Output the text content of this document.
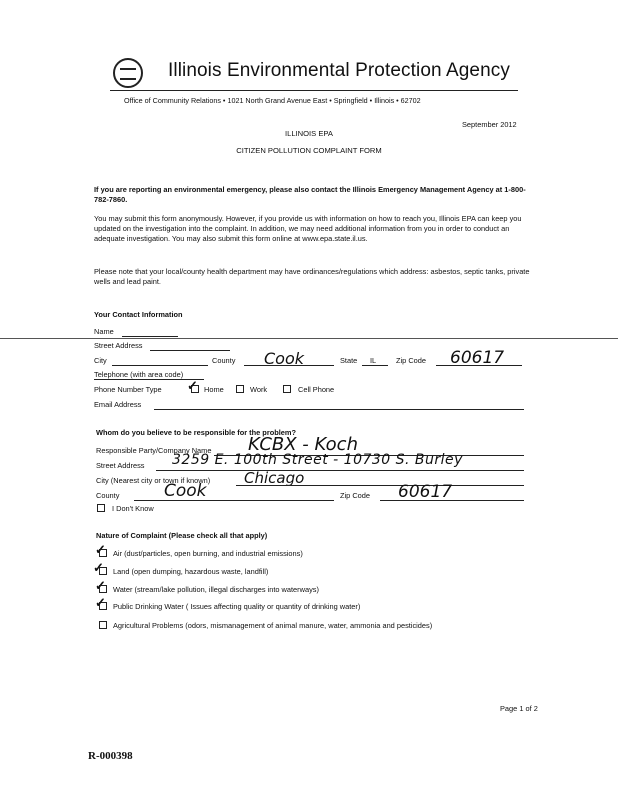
Illinois Environmental Protection Agency
Office of Community Relations • 1021 North Grand Avenue East • Springfield • Illinois • 62702
September 2012
ILLINOIS EPA
CITIZEN POLLUTION COMPLAINT FORM
If you are reporting an environmental emergency, please also contact the Illinois Emergency Management Agency at 1-800-782-7860.
You may submit this form anonymously. However, if you provide us with information on how to reach you, Illinois EPA can keep you updated on the investigation into the complaint. In addition, we may need additional information from you in order to conduct an adequate investigation. You may also submit this form online at www.epa.state.il.us.
Please note that your local/county health department may have ordinances/regulations which address: asbestos, septic tanks, private wells and lead paint.
Your Contact Information
Name
Street Address
City	County Cook	State IL	Zip Code 60617
Telephone (with area code)
Phone Number Type ✓ Home	Work	Cell Phone
Email Address
Whom do you believe to be responsible for the problem?
Responsible Party/Company Name KCBX - Koch
Street Address 3259 E. 100th Street - 10730 S. Burley
City (Nearest city or town if known) Chicago
County	Cook	Zip Code 60617
I Don't Know
Nature of Complaint (Please check all that apply)
✓ Air (dust/particles, open burning, and industrial emissions)
✓ Land (open dumping, hazardous waste, landfill)
✓ Water (stream/lake pollution, illegal discharges into waterways)
✓ Public Drinking Water ( Issues affecting quality or quantity of drinking water)
Agricultural Problems (odors, mismanagement of animal manure, water, ammonia and pesticides)
Page 1 of 2
R-000398
